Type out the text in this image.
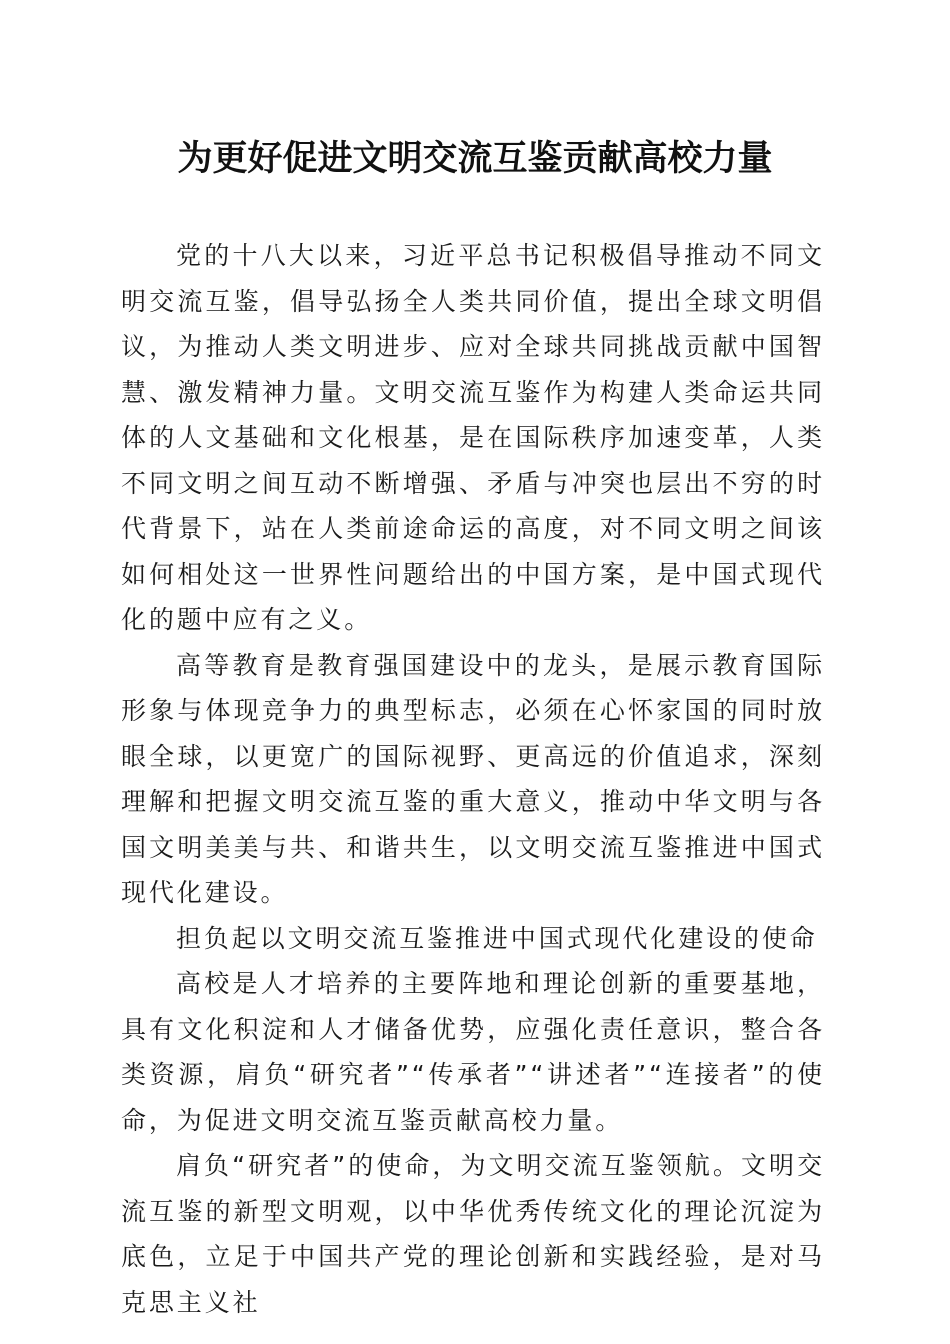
为更好促进文明交流互鉴贡献高校力量

党的十八大以来，习近平总书记积极倡导推动不同文明交流互鉴，倡导弘扬全人类共同价值，提出全球文明倡议，为推动人类文明进步、应对全球共同挑战贡献中国智慧、激发精神力量。文明交流互鉴作为构建人类命运共同体的人文基础和文化根基，是在国际秩序加速变革，人类不同文明之间互动不断增强、矛盾与冲突也层出不穷的时代背景下，站在人类前途命运的高度，对不同文明之间该如何相处这一世界性问题给出的中国方案，是中国式现代化的题中应有之义。

高等教育是教育强国建设中的龙头，是展示教育国际形象与体现竞争力的典型标志，必须在心怀家国的同时放眼全球，以更宽广的国际视野、更高远的价值追求，深刻理解和把握文明交流互鉴的重大意义，推动中华文明与各国文明美美与共、和谐共生，以文明交流互鉴推进中国式现代化建设。

担负起以文明交流互鉴推进中国式现代化建设的使命

高校是人才培养的主要阵地和理论创新的重要基地，具有文化积淀和人才储备优势，应强化责任意识，整合各类资源，肩负“研究者”“传承者”“讲述者”“连接者”的使命，为促进文明交流互鉴贡献高校力量。

肩负“研究者”的使命，为文明交流互鉴领航。文明交流互鉴的新型文明观，以中华优秀传统文化的理论沉淀为底色，立足于中国共产党的理论创新和实践经验，是对马克思主义社
